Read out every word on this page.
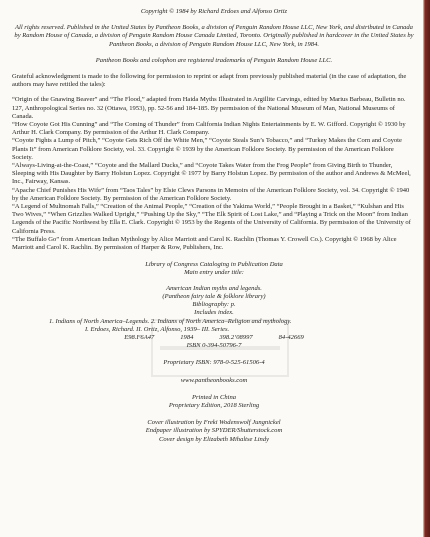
Copyright © 1984 by Richard Erdoes and Alfonso Ortiz

All rights reserved. Published in the United States by Pantheon Books, a division of Penguin Random House LLC, New York, and distributed in Canada by Random House of Canada, a division of Penguin Random House Canada Limited, Toronto. Originally published in hardcover in the United States by Pantheon Books, a division of Penguin Random House LLC, New York, in 1984.

Pantheon Books and colophon are registered trademarks of Penguin Random House LLC.

Grateful acknowledgment is made to the following for permission to reprint or adapt from previously published material (in the case of adaptation, the authors may have retitled the tales):

“Origin of the Gnawing Beaver” and “The Flood,” adapted from Haida Myths Illustrated in Argillite Carvings, edited by Marius Barbeau, Bulletin no. 127, Anthropological Series no. 32 (Ottawa, 1953), pp. 52-56 and 184-185. By permission of the National Museum of Man, National Museums of Canada.

“How Coyote Got His Cunning” and “The Coming of Thunder” from California Indian Nights Entertainments by E. W. Gifford. Copyright © 1930 by Arthur H. Clark Company. By permission of the Arthur H. Clark Company.

“Coyote Fights a Lump of Pitch,” “Coyote Gets Rich Off the White Men,” “Coyote Steals Sun’s Tobacco,” and “Turkey Makes the Corn and Coyote Plants It” from American Folklore Society, vol. 33. Copyright © 1939 by the American Folklore Society. By permission of the American Folklore Society.

“Always-Living-at-the-Coast,” “Coyote and the Mallard Ducks,” and “Coyote Takes Water from the Frog People” from Giving Birth to Thunder, Sleeping with His Daughter by Barry Holstun Lopez. Copyright © 1977 by Barry Holstun Lopez. By permission of the author and Andrews & McMeel, Inc., Fairway, Kansas.

“Apache Chief Punishes His Wife” from “Taos Tales” by Elsie Clews Parsons in Memoirs of the American Folklore Society, vol. 34. Copyright © 1940 by the American Folklore Society. By permission of the American Folklore Society.

“A Legend of Multnomah Falls,” “Creation of the Animal People,” “Creation of the Yakima World,” “People Brought in a Basket,” “Kulshan and His Two Wives,” “When Grizzlies Walked Upright,” “Pushing Up the Sky,” “The Elk Spirit of Lost Lake,” and “Playing a Trick on the Moon” from Indian Legends of the Pacific Northwest by Ella E. Clark. Copyright © 1953 by the Regents of the University of California. By permission of the University of California Press.

“The Buffalo Go” from American Indian Mythology by Alice Marriott and Carol K. Rachlin (Thomas Y. Crowell Co.). Copyright © 1968 by Alice Marriott and Carol K. Rachlin. By permission of Harper & Row, Publishers, Inc.

Library of Congress Cataloging in Publication Data
Main entry under title:
American Indian myths and legends.
(Pantheon fairy tale & folklore library)
Bibliography: p.
Includes index.
1. Indians of North America–Legends. 2. Indians of North America–Religion and mythology.
I. Erdoes, Richard. II. Ortiz, Alfonso, 1939– III. Series.
E98.F6A47	1984	398.2’08997	84-42669
ISBN 0-394-50796-7

Proprietary ISBN: 978-0-525-61506-4

www.pantheonbooks.com

Printed in China

Proprietary Edition, 2018 Sterling

Cover illustration by Freki Wodenswolf Jungnickel

Endpaper illustration by SPYDER/Shutterstock.com

Cover design by Elizabeth Mihaltse Lindy
